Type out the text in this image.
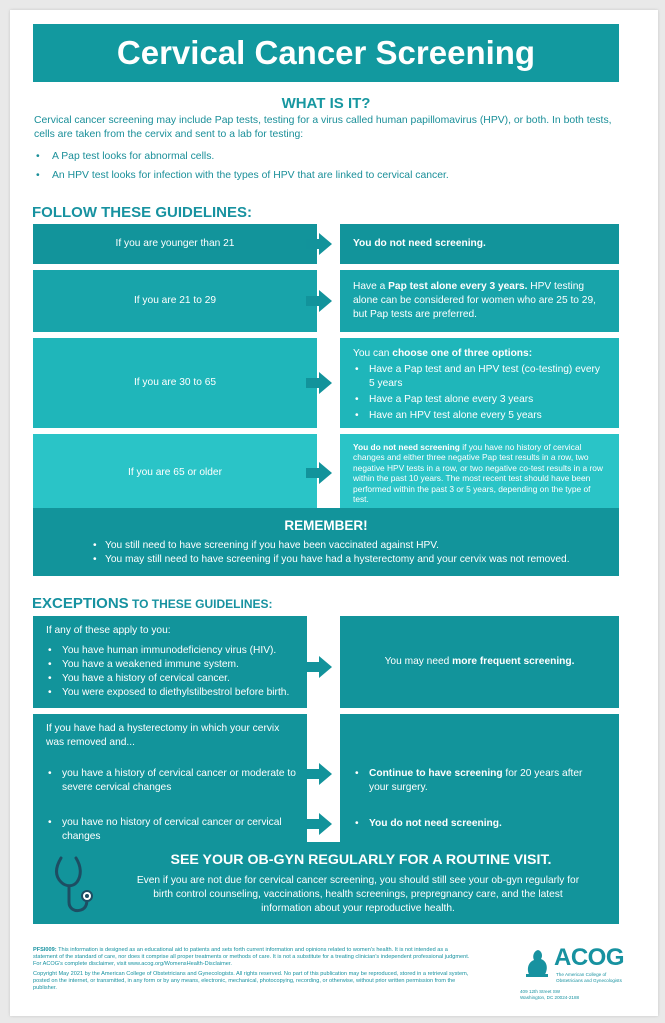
Cervical Cancer Screening
WHAT IS IT?

Cervical cancer screening may include Pap tests, testing for a virus called human papillomavirus (HPV), or both. In both tests, cells are taken from the cervix and sent to a lab for testing:

• A Pap test looks for abnormal cells.
• An HPV test looks for infection with the types of HPV that are linked to cervical cancer.
FOLLOW THESE GUIDELINES:
If you are younger than 21	You do not need screening.
If you are 21 to 29
Have a Pap test alone every 3 years. HPV testing alone can be considered for women who are 25 to 29, but Pap tests are preferred.
If you are 30 to 65
You can choose one of three options:
• Have a Pap test and an HPV test (co-testing) every 5 years
• Have a Pap test alone every 3 years
• Have an HPV test alone every 5 years
If you are 65 or older
You do not need screening if you have no history of cervical changes and either three negative Pap test results in a row, two negative HPV tests in a row, or two negative co-test results in a row within the past 10 years. The most recent test should have been performed within the past 3 or 5 years, depending on the type of test.
REMEMBER!
• You still need to have screening if you have been vaccinated against HPV.
• You may still need to have screening if you have had a hysterectomy and your cervix was not removed.
EXCEPTIONS TO THESE GUIDELINES:
If any of these apply to you:
• You have human immunodeficiency virus (HIV).
• You have a weakened immune system.
• You have a history of cervical cancer.
• You were exposed to diethylstilbestrol before birth.
You may need more frequent screening.
If you have had a hysterectomy in which your cervix was removed and...
• you have a history of cervical cancer or moderate to severe cervical changes
• you have no history of cervical cancer or cervical changes
• Continue to have screening for 20 years after your surgery.
• You do not need screening.
SEE YOUR OB-GYN REGULARLY FOR A ROUTINE VISIT.

Even if you are not due for cervical cancer screening, you should still see your ob-gyn regularly for birth control counseling, vaccinations, health screenings, prepregnancy care, and the latest information about your reproductive health.

PFSI009: This information is designed as an educational aid to patients and sets forth current information and opinions related to women's health. It is not intended as a statement of the standard of care, nor does it comprise all proper treatments or methods of care. It is not a substitute for a treating clinician's independent professional judgment. For ACOG's complete disclaimer, visit www.acog.org/WomensHealth-Disclaimer.

Copyright May 2021 by the American College of Obstetricians and Gynecologists. All rights reserved. No part of this publication may be reproduced, stored in a retrieval system, posted on the internet, or transmitted, in any form or by any means, electronic, mechanical, photocopying, recording, or otherwise, without prior written permission from the publisher.

ACOG
The American College of Obstetricians and Gynecologists
409 12th Street SW
Washington, DC 20024-2188
